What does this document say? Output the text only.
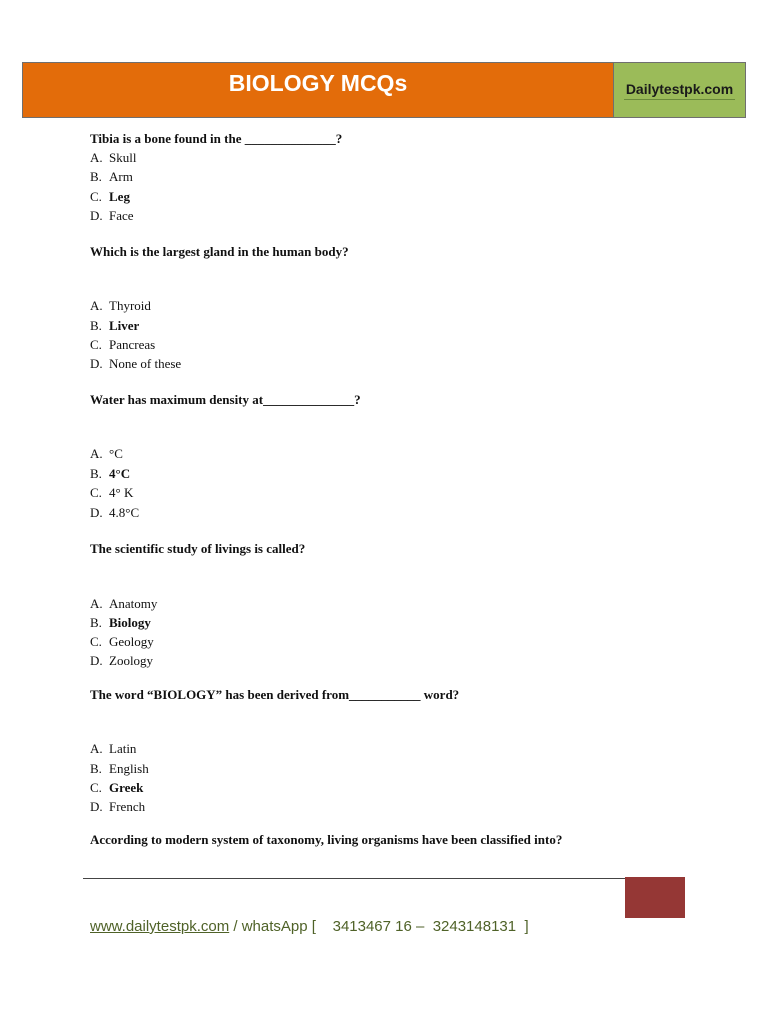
BIOLOGY MCQs	Dailytestpk.com
Tibia is a bone found in the ______________?
A. Skull
B. Arm
C. Leg
D. Face
Which is the largest gland in the human body?
A. Thyroid
B. Liver
C. Pancreas
D. None of these
Water has maximum density at______________?
A. °C
B. 4°C
C. 4° K
D. 4.8°C
The scientific study of livings is called?
A. Anatomy
B. Biology
C. Geology
D. Zoology
The word “BIOLOGY” has been derived from___________ word?
A. Latin
B. English
C. Greek
D. French
According to modern system of taxonomy, living organisms have been classified into?
www.dailytestpk.com / whatsApp [    3413467 16 –  3243148131  ]
